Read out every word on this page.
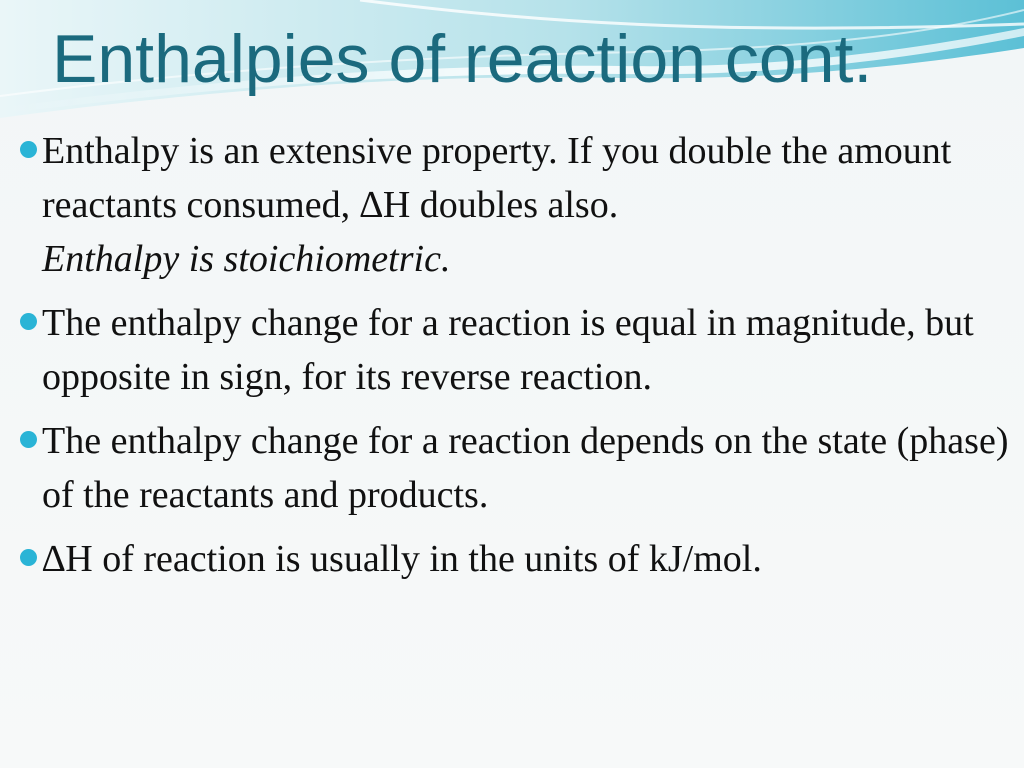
Enthalpies of reaction cont.
Enthalpy is an extensive property. If you double the amount reactants consumed, ∆H doubles also.
Enthalpy is stoichiometric.
The enthalpy change for a reaction is equal in magnitude, but opposite in sign, for its reverse reaction.
The enthalpy change for a reaction depends on the state (phase) of the reactants and products.
∆H of reaction is usually in the units of kJ/mol.
